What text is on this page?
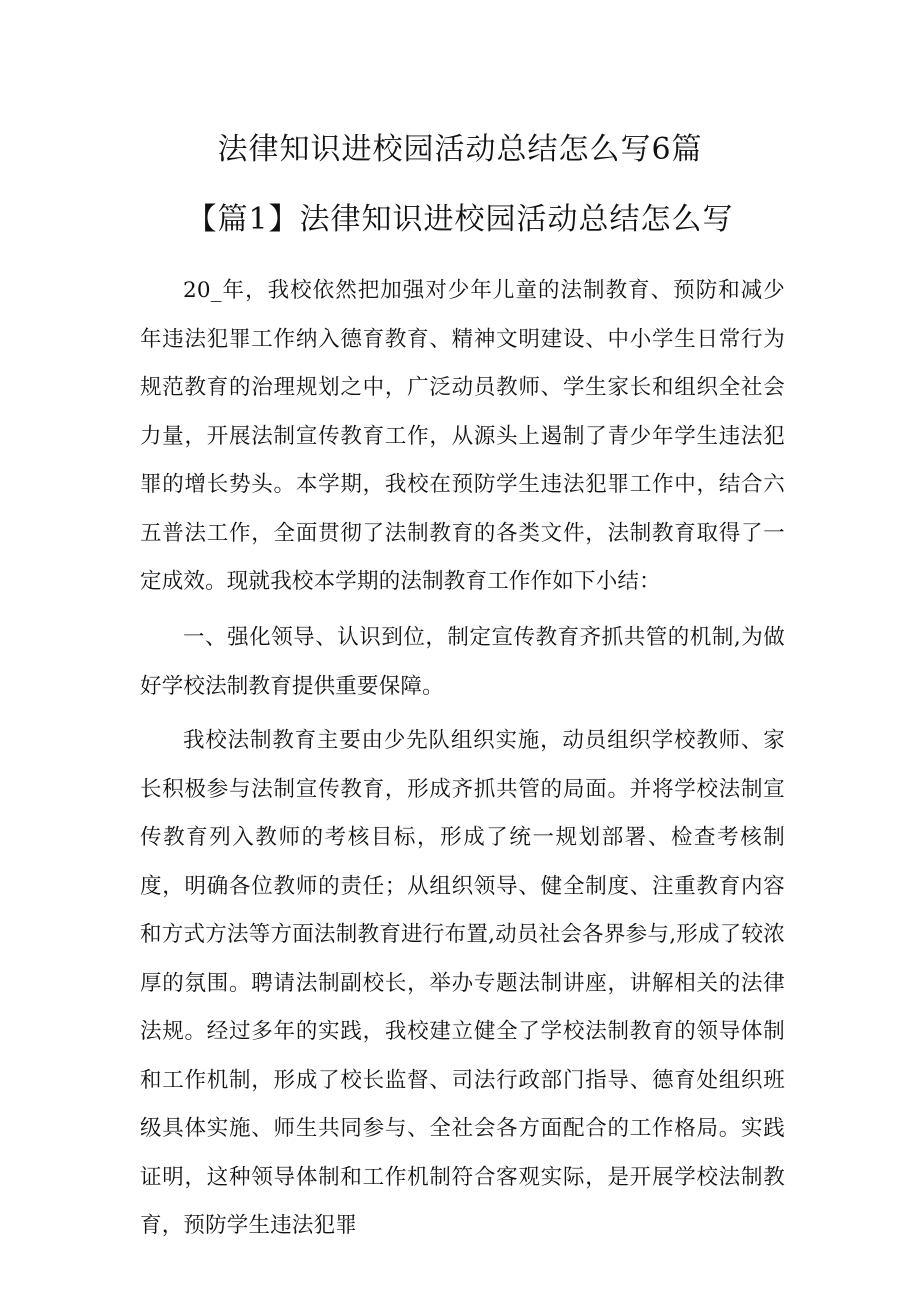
法律知识进校园活动总结怎么写6篇
【篇1】法律知识进校园活动总结怎么写

20_年，我校依然把加强对少年儿童的法制教育、预防和减少年违法犯罪工作纳入德育教育、精神文明建设、中小学生日常行为规范教育的治理规划之中，广泛动员教师、学生家长和组织全社会力量，开展法制宣传教育工作，从源头上遏制了青少年学生违法犯罪的增长势头。本学期，我校在预防学生违法犯罪工作中，结合六五普法工作，全面贯彻了法制教育的各类文件，法制教育取得了一定成效。现就我校本学期的法制教育工作作如下小结：

一、强化领导、认识到位，制定宣传教育齐抓共管的机制,为做好学校法制教育提供重要保障。

我校法制教育主要由少先队组织实施，动员组织学校教师、家长积极参与法制宣传教育，形成齐抓共管的局面。并将学校法制宣传教育列入教师的考核目标，形成了统一规划部署、检查考核制度，明确各位教师的责任；从组织领导、健全制度、注重教育内容和方式方法等方面法制教育进行布置,动员社会各界参与,形成了较浓厚的氛围。聘请法制副校长，举办专题法制讲座，讲解相关的法律法规。经过多年的实践，我校建立健全了学校法制教育的领导体制和工作机制，形成了校长监督、司法行政部门指导、德育处组织班级具体实施、师生共同参与、全社会各方面配合的工作格局。实践证明，这种领导体制和工作机制符合客观实际，是开展学校法制教育，预防学生违法犯罪
